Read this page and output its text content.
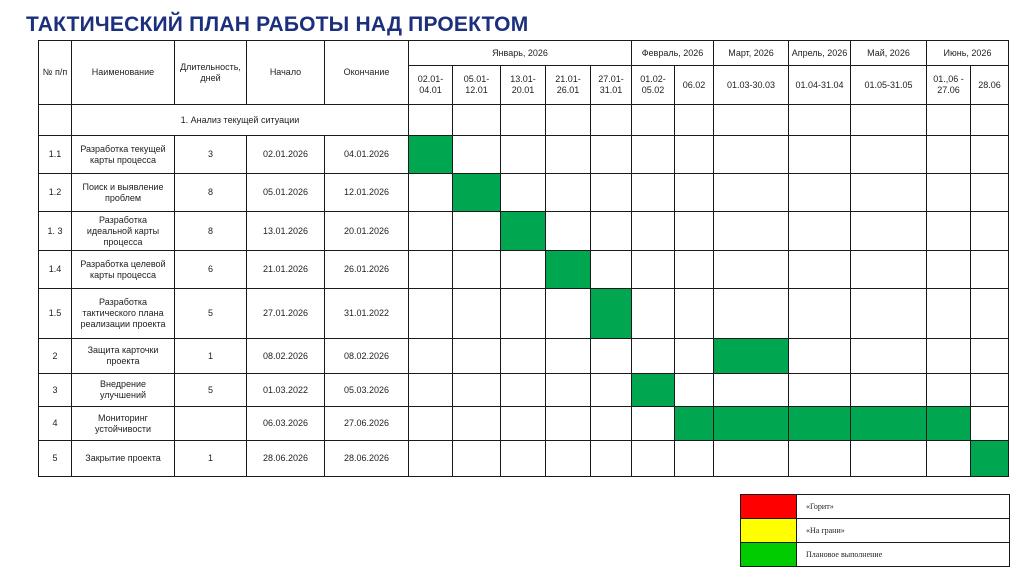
ТАКТИЧЕСКИЙ ПЛАН РАБОТЫ НАД ПРОЕКТОМ
№ п/п	Наименование	Длительность, дней	Начало	Окончание	Январь, 2026					Февраль, 2026		Март, 2026	Апрель, 2026	Май, 2026	Июнь, 2026	
					02.01-04.01	05.01-12.01	13.01-20.01	21.01-26.01	27.01-31.01	01.02-05.02	06.02	01.03-30.03	01.04-31.04	01.05-31.05	01.,06 - 27.06	28.06
	1. Анализ текущей ситуации															
1.1	Разработка текущей карты процесса	3	02.01.2026	04.01.2026												
1.2	Поиск и выявление проблем	8	05.01.2026	12.01.2026												
1. 3	Разработка идеальной карты процесса	8	13.01.2026	20.01.2026												
1.4	Разработка целевой карты процесса	6	21.01.2026	26.01.2026												
1.5	Разработка тактического плана реализации проекта	5	27.01.2026	31.01.2022												
2	Защита карточки проекта	1	08.02.2026	08.02.2026												
3	Внедрение улучшений	5	01.03.2022	05.03.2026												
4	Мониторинг устойчивости		06.03.2026	27.06.2026												
5	Закрытие проекта	1	28.06.2026	28.06.2026												
	«Горит»
	«На грани»
	Плановое выполнение
